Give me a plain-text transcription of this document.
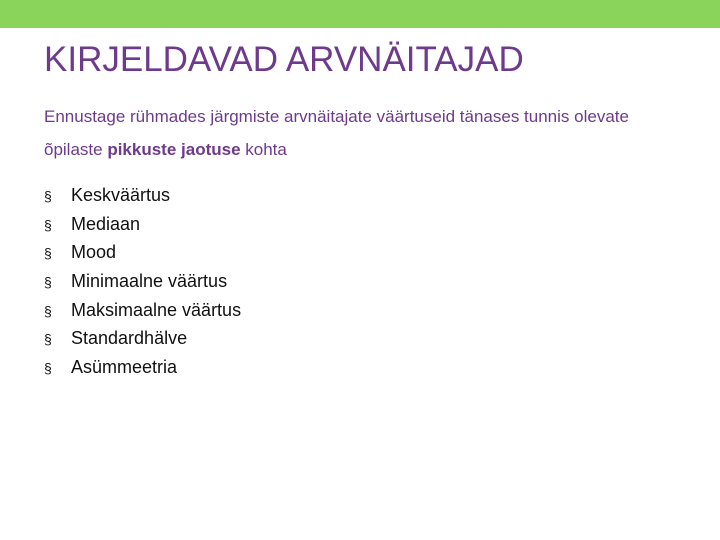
KIRJELDAVAD ARVNÄITAJAD

Ennustage rühmades järgmiste arvnäitajate väärtuseid tänases tunnis olevate õpilaste pikkuste jaotuse kohta

§ Keskväärtus
§ Mediaan
§ Mood
§ Minimaalne väärtus
§ Maksimaalne väärtus
§ Standardhälve
§ Asümmeetria
